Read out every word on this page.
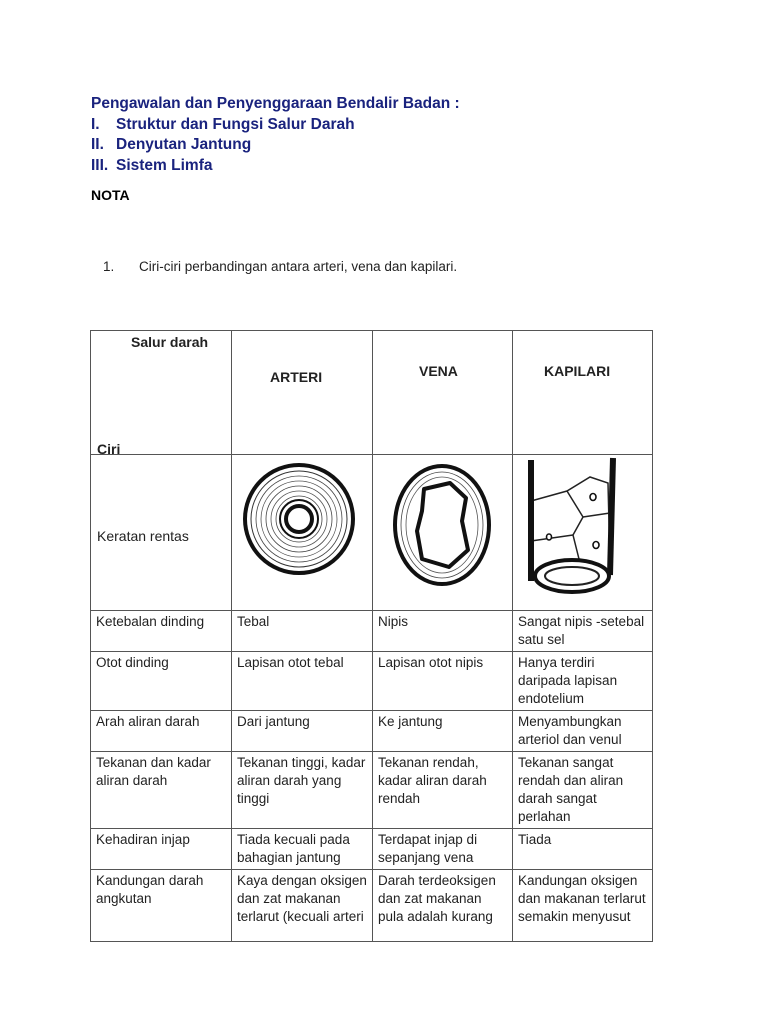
Pengawalan dan Penyenggaraan Bendalir Badan :
I. Struktur dan Fungsi Salur Darah
II. Denyutan Jantung
III. Sistem Limfa
NOTA
1. Ciri-ciri perbandingan antara arteri, vena dan kapilari.
Salur darah
Ciri	ARTERI	VENA	KAPILARI

Keratan rentas

Ketebalan dinding	Tebal	Nipis	Sangat nipis -setebal satu sel
Otot dinding	Lapisan otot tebal	Lapisan otot nipis	Hanya terdiri daripada lapisan endotelium
Arah aliran darah	Dari jantung	Ke jantung	Menyambungkan arteriol dan venul
Tekanan dan kadar aliran darah	Tekanan tinggi, kadar aliran darah yang tinggi	Tekanan rendah, kadar aliran darah rendah	Tekanan sangat rendah dan aliran darah sangat perlahan
Kehadiran injap	Tiada kecuali pada bahagian jantung	Terdapat injap di sepanjang vena	Tiada
Kandungan darah angkutan	Kaya dengan oksigen dan zat makanan terlarut (kecuali arteri	Darah terdeoksigen dan zat makanan pula adalah kurang	Kandungan oksigen dan makanan terlarut semakin menyusut
